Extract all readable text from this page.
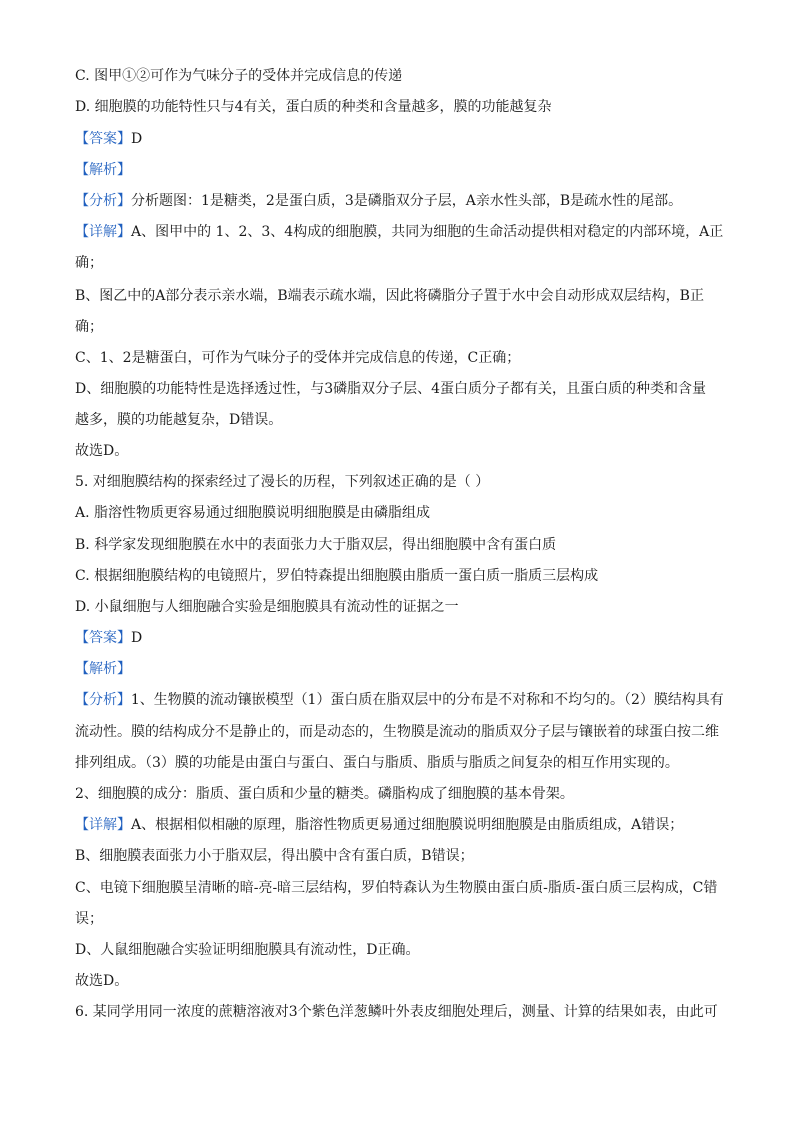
C. 图甲①②可作为气味分子的受体并完成信息的传递
D. 细胞膜的功能特性只与4有关，蛋白质的种类和含量越多，膜的功能越复杂
【答案】D
【解析】
【分析】分析题图：1是糖类，2是蛋白质，3是磷脂双分子层，A亲水性头部，B是疏水性的尾部。
【详解】A、图甲中的 1、2、3、4构成的细胞膜，共同为细胞的生命活动提供相对稳定的内部环境，A正
确；
B、图乙中的A部分表示亲水端，B端表示疏水端，因此将磷脂分子置于水中会自动形成双层结构，B正
确；
C、1、2是糖蛋白，可作为气味分子的受体并完成信息的传递，C正确；
D、细胞膜的功能特性是选择透过性，与3磷脂双分子层、4蛋白质分子都有关，且蛋白质的种类和含量
越多，膜的功能越复杂，D错误。
故选D。
5. 对细胞膜结构的探索经过了漫长的历程，下列叙述正确的是（ ）
A. 脂溶性物质更容易通过细胞膜说明细胞膜是由磷脂组成
B. 科学家发现细胞膜在水中的表面张力大于脂双层，得出细胞膜中含有蛋白质
C. 根据细胞膜结构的电镜照片，罗伯特森提出细胞膜由脂质一蛋白质一脂质三层构成
D. 小鼠细胞与人细胞融合实验是细胞膜具有流动性的证据之一
【答案】D
【解析】
【分析】1、生物膜的流动镶嵌模型（1）蛋白质在脂双层中的分布是不对称和不均匀的。（2）膜结构具有
流动性。膜的结构成分不是静止的，而是动态的，生物膜是流动的脂质双分子层与镶嵌着的球蛋白按二维
排列组成。（3）膜的功能是由蛋白与蛋白、蛋白与脂质、脂质与脂质之间复杂的相互作用实现的。
2、细胞膜的成分：脂质、蛋白质和少量的糖类。磷脂构成了细胞膜的基本骨架。
【详解】A、根据相似相融的原理，脂溶性物质更易通过细胞膜说明细胞膜是由脂质组成，A错误；
B、细胞膜表面张力小于脂双层，得出膜中含有蛋白质，B错误；
C、电镜下细胞膜呈清晰的暗-亮-暗三层结构，罗伯特森认为生物膜由蛋白质-脂质-蛋白质三层构成，C错
误；
D、人鼠细胞融合实验证明细胞膜具有流动性，D正确。
故选D。
6. 某同学用同一浓度的蔗糖溶液对3个紫色洋葱鳞叶外表皮细胞处理后，测量、计算的结果如表，由此可
